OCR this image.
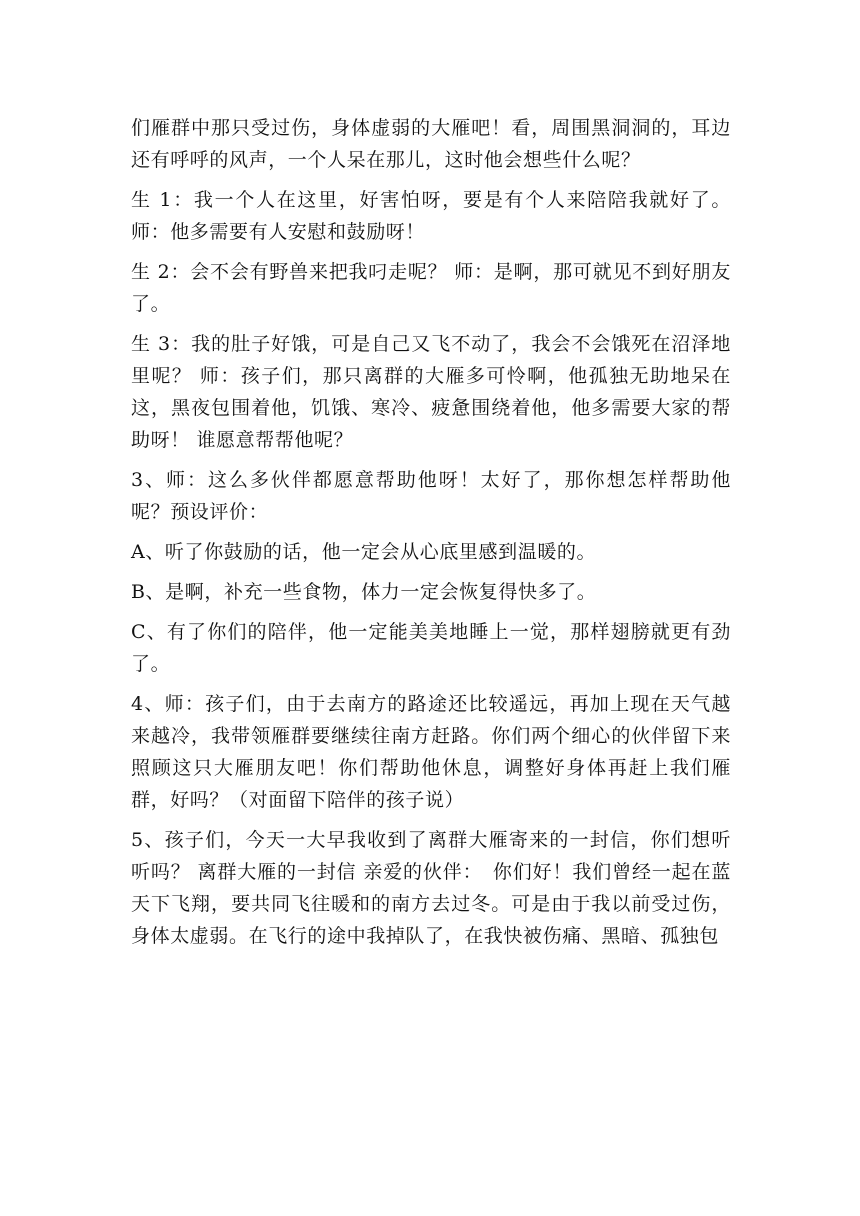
们雁群中那只受过伤，身体虚弱的大雁吧！看，周围黑洞洞的，耳边还有呼呼的风声，一个人呆在那儿，这时他会想些什么呢？

生 1：我一个人在这里，好害怕呀，要是有个人来陪陪我就好了。 师：他多需要有人安慰和鼓励呀！

生 2：会不会有野兽来把我叼走呢？ 师：是啊，那可就见不到好朋友了。

生 3：我的肚子好饿，可是自己又飞不动了，我会不会饿死在沼泽地里呢？ 师：孩子们，那只离群的大雁多可怜啊，他孤独无助地呆在这，黑夜包围着他，饥饿、寒冷、疲惫围绕着他，他多需要大家的帮助呀！ 谁愿意帮帮他呢？

3、师：这么多伙伴都愿意帮助他呀！太好了，那你想怎样帮助他呢？预设评价：

A、听了你鼓励的话，他一定会从心底里感到温暖的。

B、是啊，补充一些食物，体力一定会恢复得快多了。

C、有了你们的陪伴，他一定能美美地睡上一觉，那样翅膀就更有劲了。

4、师：孩子们，由于去南方的路途还比较遥远，再加上现在天气越来越冷，我带领雁群要继续往南方赶路。你们两个细心的伙伴留下来照顾这只大雁朋友吧！你们帮助他休息，调整好身体再赶上我们雁群，好吗？（对面留下陪伴的孩子说）

5、孩子们，今天一大早我收到了离群大雁寄来的一封信，你们想听听吗？ 离群大雁的一封信 亲爱的伙伴：　你们好！我们曾经一起在蓝天下飞翔，要共同飞往暖和的南方去过冬。可是由于我以前受过伤，身体太虚弱。在飞行的途中我掉队了，在我快被伤痛、黑暗、孤独包
